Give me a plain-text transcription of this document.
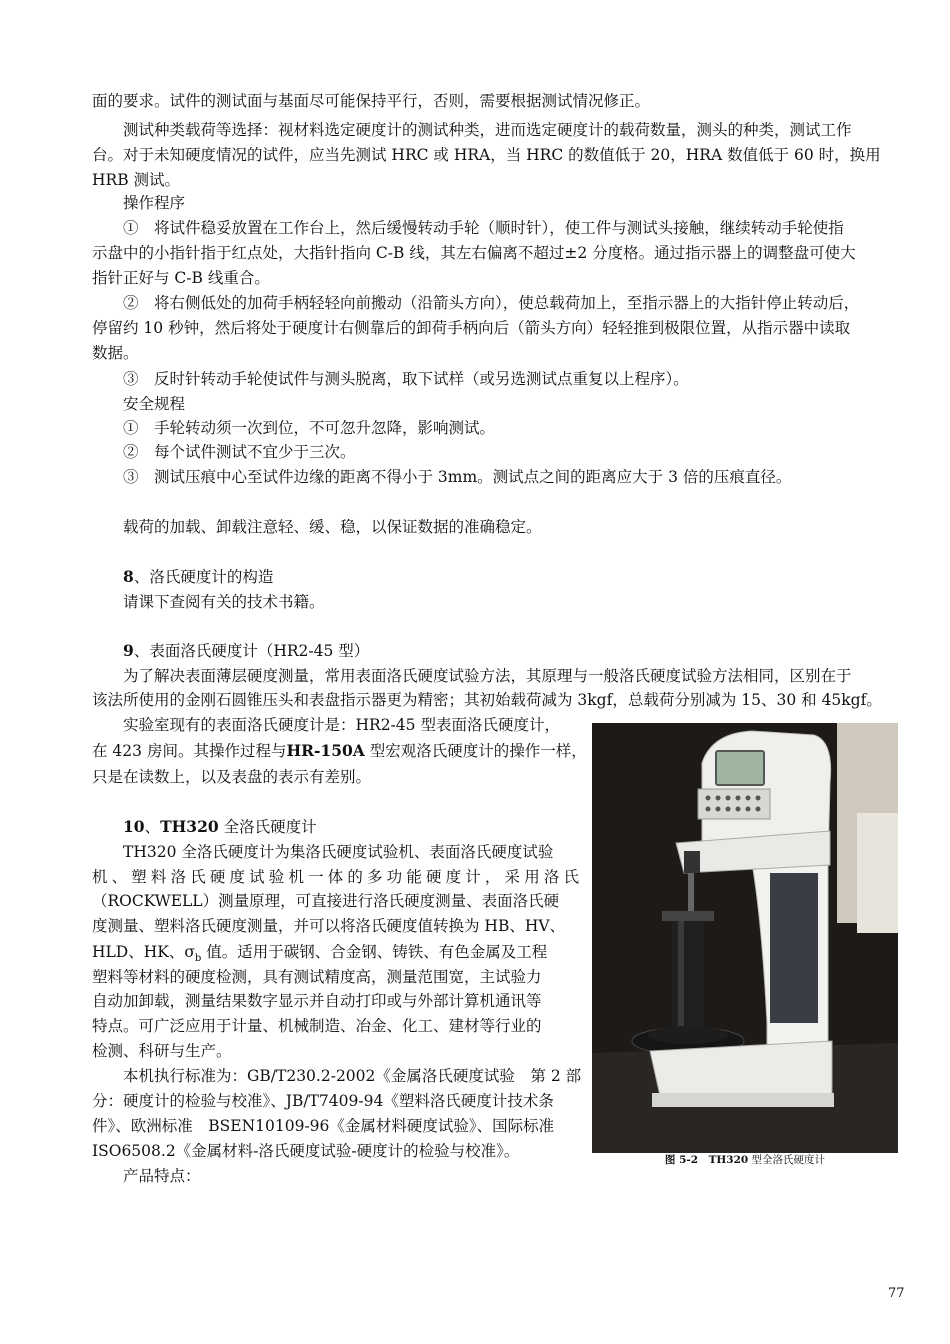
面的要求。试件的测试面与基面尽可能保持平行，否则，需要根据测试情况修正。
　　测试种类载荷等选择：视材料选定硬度计的测试种类，进而选定硬度计的载荷数量，测头的种类，测试工作
台。对于未知硬度情况的试件，应当先测试 HRC 或 HRA，当 HRC 的数值低于 20，HRA 数值低于 60 时，换用
HRB 测试。
　　操作程序
　　①　将试件稳妥放置在工作台上，然后缓慢转动手轮（顺时针），使工件与测试头接触，继续转动手轮使指
示盘中的小指针指于红点处，大指针指向 C-B 线，其左右偏离不超过±2 分度格。通过指示器上的调整盘可使大
指针正好与 C-B 线重合。
　　②　将右侧低处的加荷手柄轻轻向前搬动（沿箭头方向），使总载荷加上，至指示器上的大指针停止转动后，
停留约 10 秒钟，然后将处于硬度计右侧靠后的卸荷手柄向后（箭头方向）轻轻推到极限位置，从指示器中读取
数据。
　　③　反时针转动手轮使试件与测头脱离，取下试样（或另选测试点重复以上程序）。
　　安全规程
　　①　手轮转动须一次到位，不可忽升忽降，影响测试。
　　②　每个试件测试不宜少于三次。
　　③　测试压痕中心至试件边缘的距离不得小于 3mm。测试点之间的距离应大于 3 倍的压痕直径。
　　载荷的加载、卸载注意轻、缓、稳，以保证数据的准确稳定。
　　8、洛氏硬度计的构造
　　请课下查阅有关的技术书籍。
　　9、表面洛氏硬度计（HR2-45 型）
　　为了解决表面薄层硬度测量，常用表面洛氏硬度试验方法，其原理与一般洛氏硬度试验方法相同，区别在于
该法所使用的金刚石圆锥压头和表盘指示器更为精密；其初始载荷减为 3kgf，总载荷分别减为 15、30 和 45kgf。
　　实验室现有的表面洛氏硬度计是：HR2-45 型表面洛氏硬度计，
在 423 房间。其操作过程与HR-150A 型宏观洛氏硬度计的操作一样，
只是在读数上，以及表盘的表示有差别。
　　10、TH320 全洛氏硬度计
　　TH320 全洛氏硬度计为集洛氏硬度试验机、表面洛氏硬度试验
机、塑料洛氏硬度试验机一体的多功能硬度计，采用洛氏
（ROCKWELL）测量原理，可直接进行洛氏硬度测量、表面洛氏硬
度测量、塑料洛氏硬度测量，并可以将洛氏硬度值转换为 HB、HV、
HLD、HK、$\sigma_b$ 值。适用于碳钢、合金钢、铸铁、有色金属及工程
塑料等材料的硬度检测，具有测试精度高，测量范围宽，主试验力
自动加卸载，测量结果数字显示并自动打印或与外部计算机通讯等
特点。可广泛应用于计量、机械制造、冶金、化工、建材等行业的
检测、科研与生产。
　　本机执行标准为：GB/T230.2-2002《金属洛氏硬度试验　第 2 部
分：硬度计的检验与校准》、JB/T7409-94《塑料洛氏硬度计技术条
件》、欧洲标准　BSEN10109-96《金属材料硬度试验》、国际标准
ISO6508.2《金属材料-洛氏硬度试验-硬度计的检验与校准》。
　　产品特点：
图 5-2　 TH320 型全洛氏硬度计
77
